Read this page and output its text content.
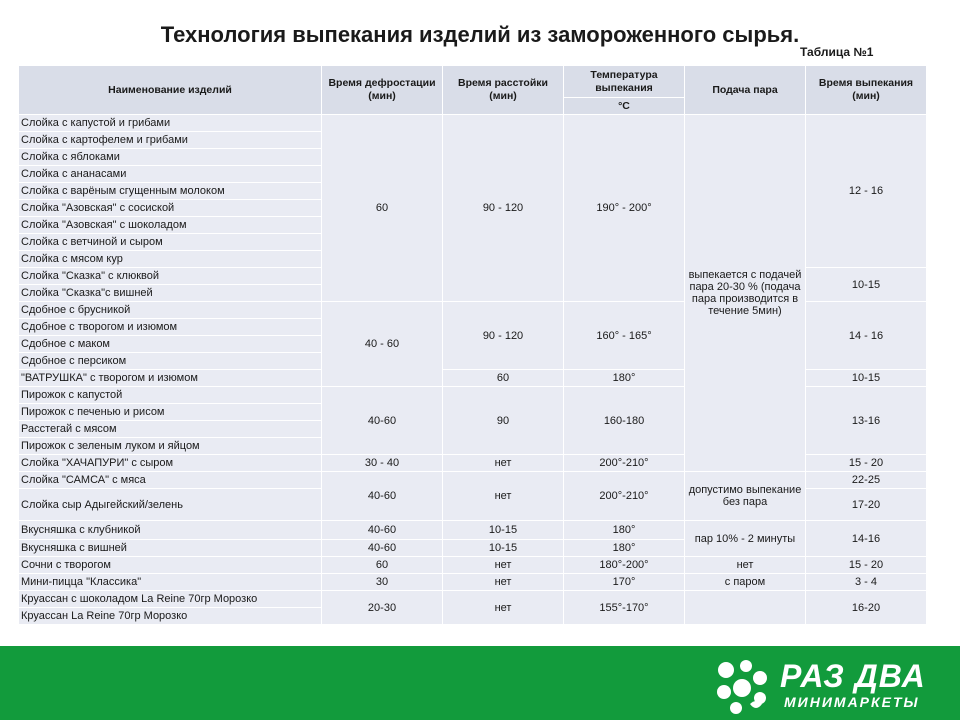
Технология выпекания изделий из замороженного сырья.
Таблица №1
Наименование изделий	Время дефростации (мин)	Время расстойки (мин)	Температура выпекания	Подача пара	Время выпекания (мин)
			°C		
Слойка с капустой и грибами	60	90 - 120	190° - 200°	выпекается с подачей пара 20-30 % (подача пара производится в течение 5мин)	12 - 16
Слойка с картофелем и грибами					
Слойка с яблоками					
Слойка с ананасами					
Слойка с варёным сгущенным молоком					
Слойка "Азовская" с сосиской					
Слойка "Азовская" с шоколадом					
Слойка с ветчиной и сыром					
Слойка с мясом кур					
Слойка "Сказка" с клюквой					10-15
Слойка "Сказка"с вишней					
Сдобное с брусникой	40 - 60	90 - 120	160° - 165°		14 - 16
Сдобное с творогом и изюмом					
Сдобное с маком					
Сдобное с персиком					
"ВАТРУШКА" с творогом и изюмом		60	180°		10-15
Пирожок с капустой	40-60	90	160-180		13-16
Пирожок с печенью и рисом					
Расстегай с мясом					
Пирожок с зеленым луком и яйцом					
Слойка "ХАЧАПУРИ" с сыром	30 - 40	нет	200°-210°		15 - 20
Слойка "САМСА" с мяса	40-60	нет	200°-210°	допустимо выпекание без пара	22-25
Слойка сыр Адыгейский/зелень					17-20
Вкусняшка с клубникой	40-60	10-15	180°	пар 10% - 2 минуты	14-16
Вкусняшка с вишней	40-60	10-15	180°		
Сочни с творогом	60	нет	180°-200°	нет	15 - 20
Мини-пицца "Классика"	30	нет	170°	с паром	3 - 4
Круассан с шоколадом La Reine 70гр Морозко	20-30	нет	155°-170°		16-20
Круассан La Reine 70гр Морозко					
РАЗ ДВА
МИНИМАРКЕТЫ
